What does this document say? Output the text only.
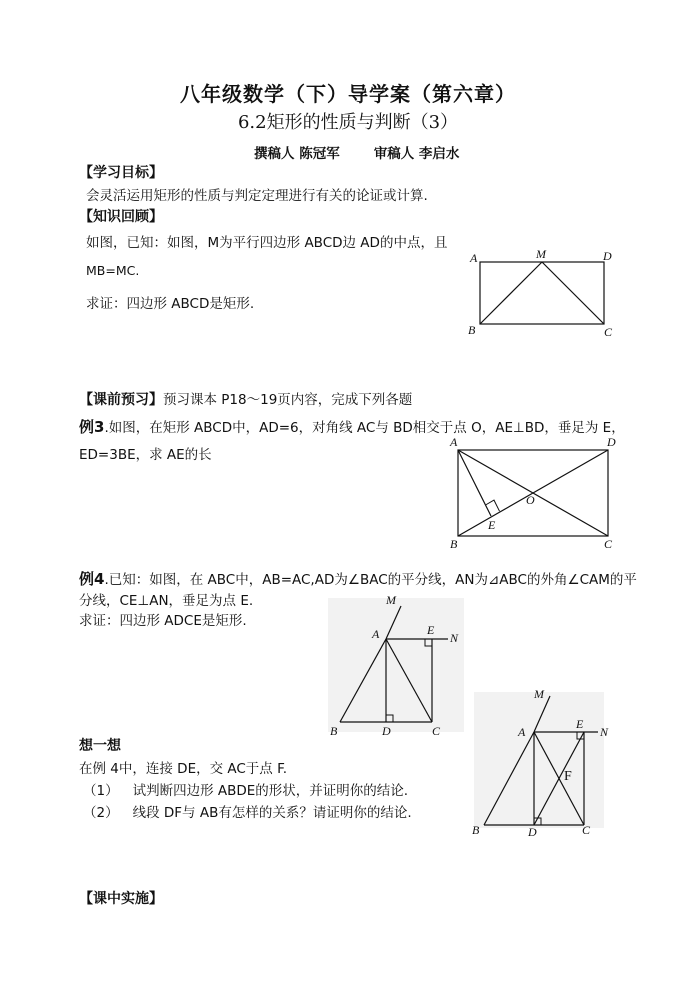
八年级数学（下）导学案（第六章）
6.2矩形的性质与判断（3）
撰稿人 陈冠军	审稿人 李启水
【学习目标】
会灵活运用矩形的性质与判定定理进行有关的论证或计算.
【知识回顾】
如图，已知：如图，M为平行四边形 ABCD边 AD的中点，且
MB=MC.
求证：四边形 ABCD是矩形.
A	M	D
B	C
【课前预习】预习课本 P18～19页内容，完成下列各题
例3.如图，在矩形 ABCD中，AD=6，对角线 AC与 BD相交于点 O，AE⊥BD，垂足为 E，
ED=3BE，求 AE的长
A	D
B	C
O
E
例4.已知：如图，在 ABC中，AB=AC,AD为∠BAC的平分线，AN为⊿ABC的外角∠CAM的平
分线，CE⊥AN，垂足为点 E.
求证：四边形 ADCE是矩形.
M
A	E
N
B	D	C
想一想
在例 4中，连接 DE，交 AC于点 F.
（1） 试判断四边形 ABDE的形状，并证明你的结论.
（2） 线段 DF与 AB有怎样的关系？请证明你的结论.
M
A
E
N
B	D	C
F
【课中实施】
